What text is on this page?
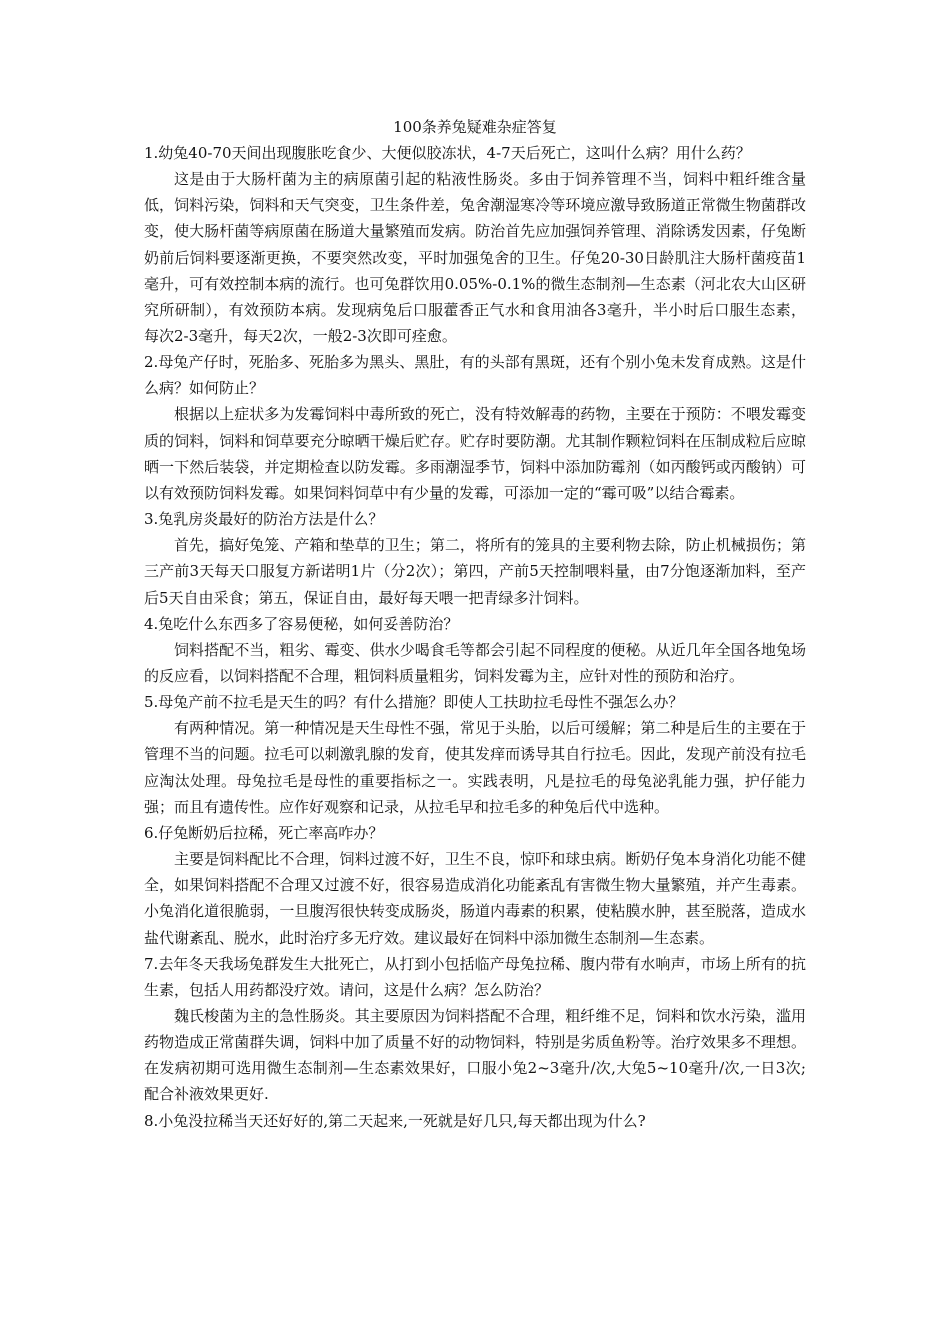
100条养兔疑难杂症答复

1.幼兔40-70天间出现腹胀吃食少、大便似胶冻状，4-7天后死亡，这叫什么病？用什么药？

这是由于大肠杆菌为主的病原菌引起的粘液性肠炎。多由于饲养管理不当，饲料中粗纤维含量低，饲料污染，饲料和天气突变，卫生条件差，兔舍潮湿寒冷等环境应激导致肠道正常微生物菌群改变，使大肠杆菌等病原菌在肠道大量繁殖而发病。防治首先应加强饲养管理、消除诱发因素，仔兔断奶前后饲料要逐渐更换，不要突然改变，平时加强兔舍的卫生。仔兔20-30日龄肌注大肠杆菌疫苗1毫升，可有效控制本病的流行。也可兔群饮用0.05%-0.1%的微生态制剂—生态素（河北农大山区研究所研制），有效预防本病。发现病兔后口服藿香正气水和食用油各3毫升，半小时后口服生态素，每次2-3毫升，每天2次，一般2-3次即可痊愈。

2.母兔产仔时，死胎多、死胎多为黑头、黑肚，有的头部有黑斑，还有个别小兔未发育成熟。这是什么病？如何防止？

根据以上症状多为发霉饲料中毒所致的死亡，没有特效解毒的药物，主要在于预防：不喂发霉变质的饲料，饲料和饲草要充分晾晒干燥后贮存。贮存时要防潮。尤其制作颗粒饲料在压制成粒后应晾晒一下然后装袋，并定期检查以防发霉。多雨潮湿季节，饲料中添加防霉剂（如丙酸钙或丙酸钠）可以有效预防饲料发霉。如果饲料饲草中有少量的发霉，可添加一定的“霉可吸”以结合霉素。

3.兔乳房炎最好的防治方法是什么？

首先，搞好兔笼、产箱和垫草的卫生；第二，将所有的笼具的主要利物去除，防止机械损伤；第三产前3天每天口服复方新诺明1片（分2次）；第四，产前5天控制喂料量，由7分饱逐渐加料，至产后5天自由采食；第五，保证自由，最好每天喂一把青绿多汁饲料。

4.兔吃什么东西多了容易便秘，如何妥善防治？

饲料搭配不当，粗劣、霉变、供水少喝食毛等都会引起不同程度的便秘。从近几年全国各地兔场的反应看，以饲料搭配不合理，粗饲料质量粗劣，饲料发霉为主，应针对性的预防和治疗。

5.母兔产前不拉毛是天生的吗？有什么措施？即使人工扶助拉毛母性不强怎么办？

有两种情况。第一种情况是天生母性不强，常见于头胎，以后可缓解；第二种是后生的主要在于管理不当的问题。拉毛可以刺激乳腺的发育，使其发痒而诱导其自行拉毛。因此，发现产前没有拉毛应淘汰处理。母兔拉毛是母性的重要指标之一。实践表明，凡是拉毛的母兔泌乳能力强，护仔能力强；而且有遗传性。应作好观察和记录，从拉毛早和拉毛多的种兔后代中选种。

6.仔兔断奶后拉稀，死亡率高咋办？

主要是饲料配比不合理，饲料过渡不好，卫生不良，惊吓和球虫病。断奶仔兔本身消化功能不健全，如果饲料搭配不合理又过渡不好，很容易造成消化功能紊乱有害微生物大量繁殖，并产生毒素。小兔消化道很脆弱，一旦腹泻很快转变成肠炎，肠道内毒素的积累，使粘膜水肿，甚至脱落，造成水盐代谢紊乱、脱水，此时治疗多无疗效。建议最好在饲料中添加微生态制剂—生态素。

7.去年冬天我场兔群发生大批死亡，从打到小包括临产母兔拉稀、腹内带有水响声，市场上所有的抗生素，包括人用药都没疗效。请问，这是什么病？怎么防治？

魏氏梭菌为主的急性肠炎。其主要原因为饲料搭配不合理，粗纤维不足，饲料和饮水污染，滥用药物造成正常菌群失调，饲料中加了质量不好的动物饲料，特别是劣质鱼粉等。治疗效果多不理想。在发病初期可选用微生态制剂—生态素效果好，口服小兔2~3毫升/次,大兔5~10毫升/次,一日3次;配合补液效果更好.

8.小兔没拉稀当天还好好的,第二天起来,一死就是好几只,每天都出现为什么?
